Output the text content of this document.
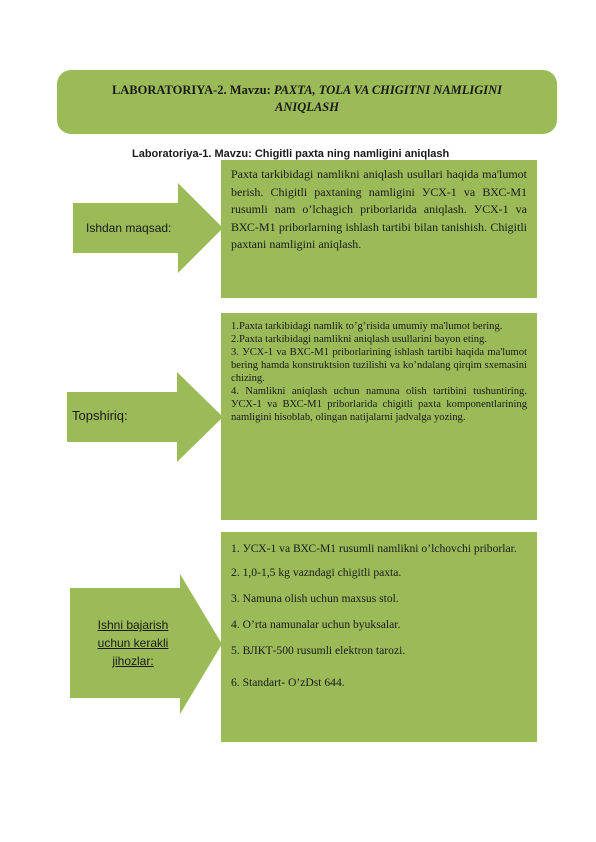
LABORATORIYA-2. Mavzu: PAXTA, TOLA VA CHIGITNI NAMLIGINI ANIQLASH
Laboratoriya-1. Mavzu: Chigitli paxta ning namligini aniqlash
Ishdan maqsad:
Paxta tarkibidagi namlikni aniqlash usullari haqida ma'lumot berish. Chigitli paxtaning namligini УСХ-1 va ВХС-М1 rusumli nam o’lchagich priborlarida aniqlash. УСХ-1 va ВХС-М1 priborlarning ishlash tartibi bilan tanishish. Chigitli paxtani namligini aniqlash.
Topshiriq:
1.Paxta tarkibidagi namlik to’g’risida umumiy ma'lumot bering.
2.Paxta tarkibidagi namlikni aniqlash usullarini bayon eting.
3. УСХ-1 va ВХС-М1 priborlarining ishlash tartibi haqida ma'lumot bering hamda konstruktsion tuzilishi va ko’ndalang qirqim sxemasini chizing.
4. Namlikni aniqlash uchun namuna olish tartibini tushuntiring. УСХ-1 va ВХС-М1 priborlarida chigitli paxta komponentlarining namligini hisoblab, olingan natijalarni jadvalga yozing.
Ishni bajarish uchun kerakli jihozlar:

1. УСХ-1 va ВХС-М1 rusumli namlikni o’lchovchi priborlar.

2. 1,0-1,5 kg vazndagi chigitli paxta.

3. Namuna olish uchun maxsus stol.

4. O’rta namunalar uchun byuksalar.

5. ВЛКТ-500 rusumli elektron tarozi.

6. Standart- O’zDst 644.
